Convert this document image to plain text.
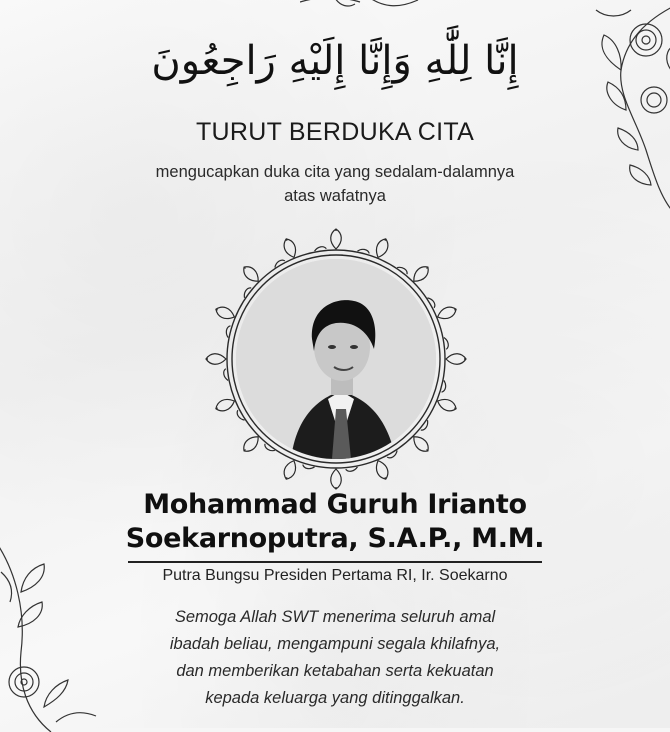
إِنَّا لِلَّٰهِ وَإِنَّا إِلَيْهِ رَاجِعُونَ
TURUT BERDUKA CITA
mengucapkan duka cita yang sedalam-dalamnya
atas wafatnya
Mohammad Guruh Irianto
Soekarnoputra, S.A.P., M.M.
Putra Bungsu Presiden Pertama RI, Ir. Soekarno
Semoga Allah SWT menerima seluruh amal
ibadah beliau, mengampuni segala khilafnya,
dan memberikan ketabahan serta kekuatan
kepada keluarga yang ditinggalkan.
